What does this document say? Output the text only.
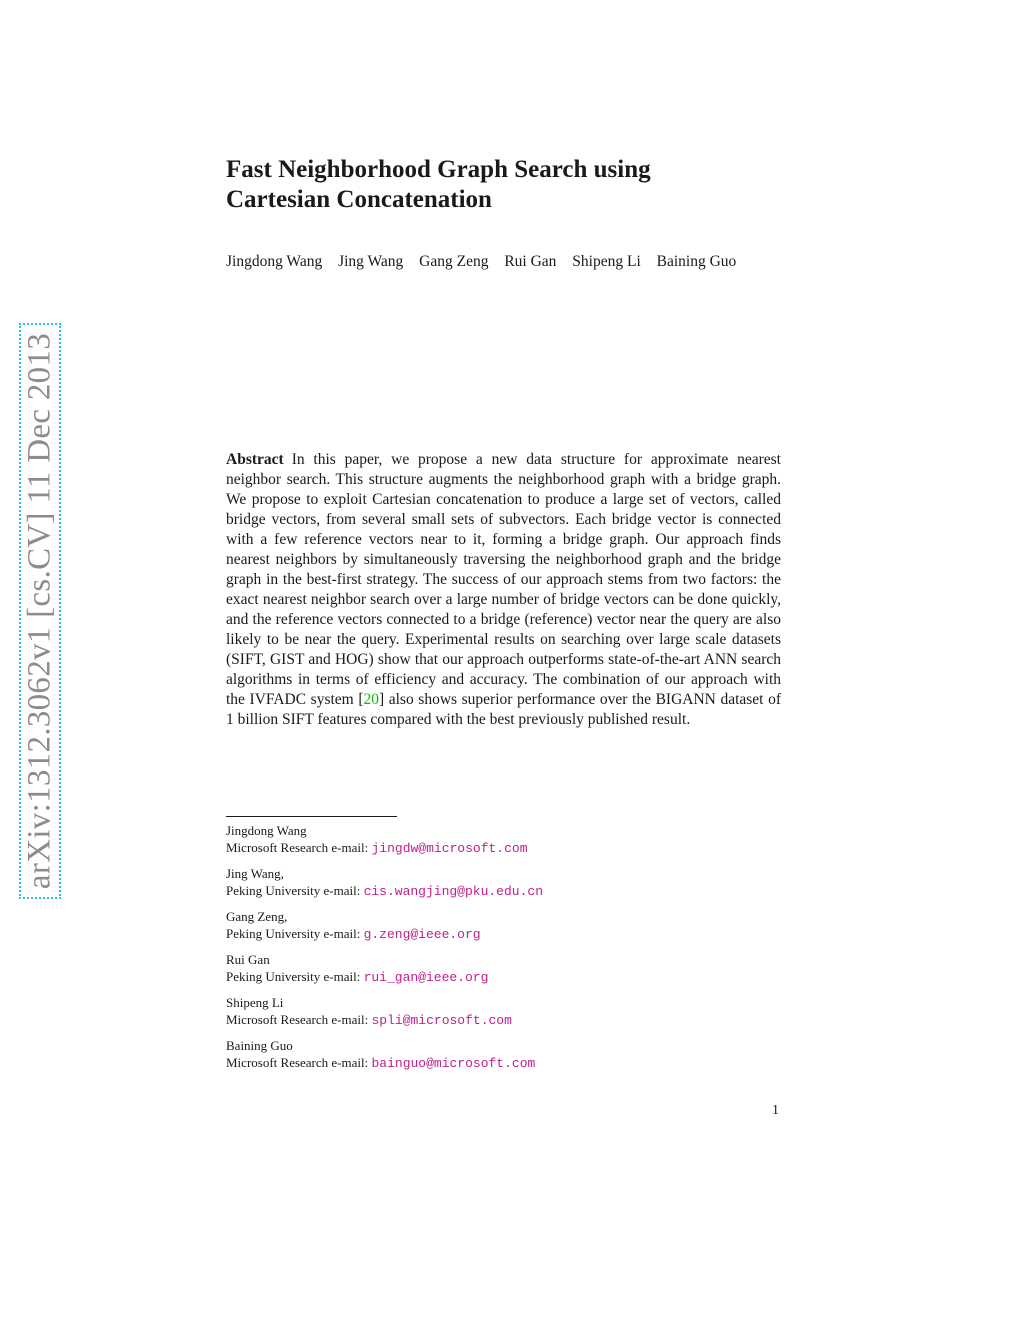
arXiv:1312.3062v1 [cs.CV] 11 Dec 2013
Fast Neighborhood Graph Search using
Cartesian Concatenation
Jingdong Wang Jing Wang Gang Zeng Rui Gan Shipeng Li Baining Guo

Abstract In this paper, we propose a new data structure for approximate nearest neighbor search. This structure augments the neighborhood graph with a bridge graph. We propose to exploit Cartesian concatenation to produce a large set of vectors, called bridge vectors, from several small sets of subvectors. Each bridge vector is connected with a few reference vectors near to it, forming a bridge graph. Our approach finds nearest neighbors by simultaneously traversing the neighborhood graph and the bridge graph in the best-first strategy. The success of our approach stems from two factors: the exact nearest neighbor search over a large number of bridge vectors can be done quickly, and the reference vectors connected to a bridge (reference) vector near the query are also likely to be near the query. Experimental results on searching over large scale datasets (SIFT, GIST and HOG) show that our approach outperforms state-of-the-art ANN search algorithms in terms of efficiency and accuracy. The combination of our approach with the IVFADC system [20] also shows superior performance over the BIGANN dataset of 1 billion SIFT features compared with the best previously published result.

Jingdong Wang
Microsoft Research e-mail: jingdw@microsoft.com
Jing Wang,
Peking University e-mail: cis.wangjing@pku.edu.cn
Gang Zeng,
Peking University e-mail: g.zeng@ieee.org
Rui Gan
Peking University e-mail: rui_gan@ieee.org
Shipeng Li
Microsoft Research e-mail: spli@microsoft.com
Baining Guo
Microsoft Research e-mail: bainguo@microsoft.com
1
